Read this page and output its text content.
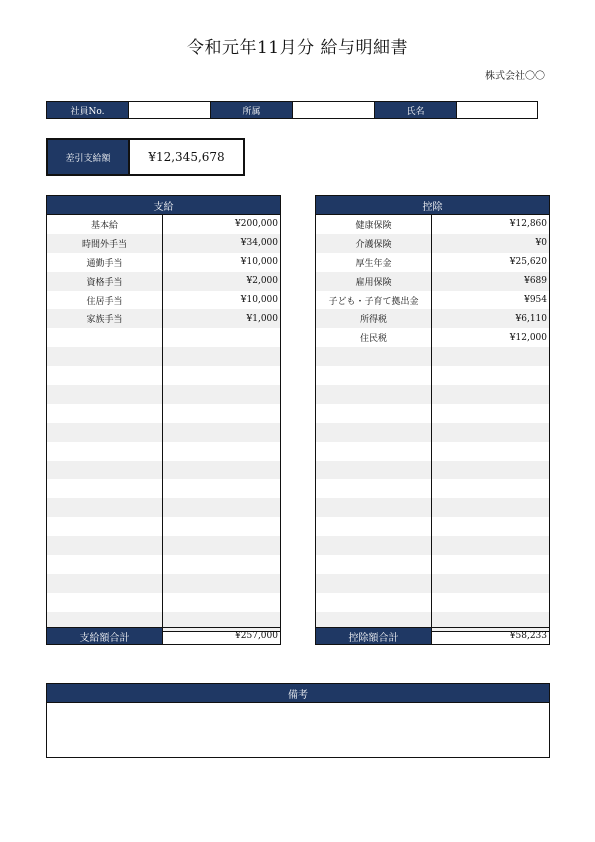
令和元年11月分 給与明細書
株式会社〇〇
社員No.	所属	氏名
差引支給額	¥12,345,678
支給
基本給	¥200,000
時間外手当	¥34,000
通勤手当	¥10,000
資格手当	¥2,000
住居手当	¥10,000
家族手当	¥1,000
控除
健康保険	¥12,860
介護保険	¥0
厚生年金	¥25,620
雇用保険	¥689
子ども・子育て拠出金	¥954
所得税	¥6,110
住民税	¥12,000
支給額合計	¥257,000	控除額合計	¥58,233
備考
